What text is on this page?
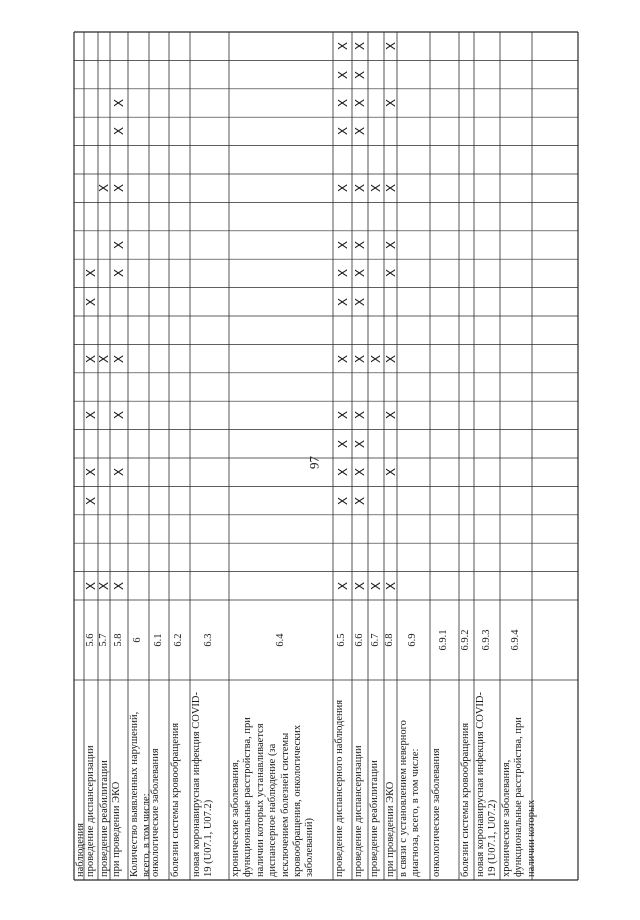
97
наблюдения проведение диспансеризации
5.6
X
X
X
X
X
X
X
проведение реабилитации
5.7
X
X
X
при проведении ЭКО
5.8
X
X
X
X
X
X
X
X
X
Количество выявленных нарушений, всего, в том числе:
6
онкологические заболевания
6.1
болезни системы кровообращения
6.2
новая коронавирусная инфекция COVID-19 (U07.1, U07.2)
6.3
хронические заболевания, функциональные расстройства, при наличии которых устанавливается диспансерное наблюдение (за исключением болезней системы кровообращения, онкологических заболеваний)
6.4
проведение диспансерного наблюдения
6.5
X
X
X
X
X
X
X
X
X
X
X
X
X
X
проведение диспансеризации
6.6
X
X
X
X
X
X
X
X
X
X
X
X
X
X
проведение реабилитации
6.7
X
X
X
при проведении ЭКО
6.8
X
X
X
X
X
X
X
X
X
в связи с установлением неверного диагноза, всего, в том числе:
6.9
онкологические заболевания
6.9.1
болезни системы кровообращения
6.9.2
новая коронавирусная инфекция COVID-19 (U07.1, U07.2)
6.9.3
хронические заболевания, функциональные расстройства, при наличии которых
6.9.4
